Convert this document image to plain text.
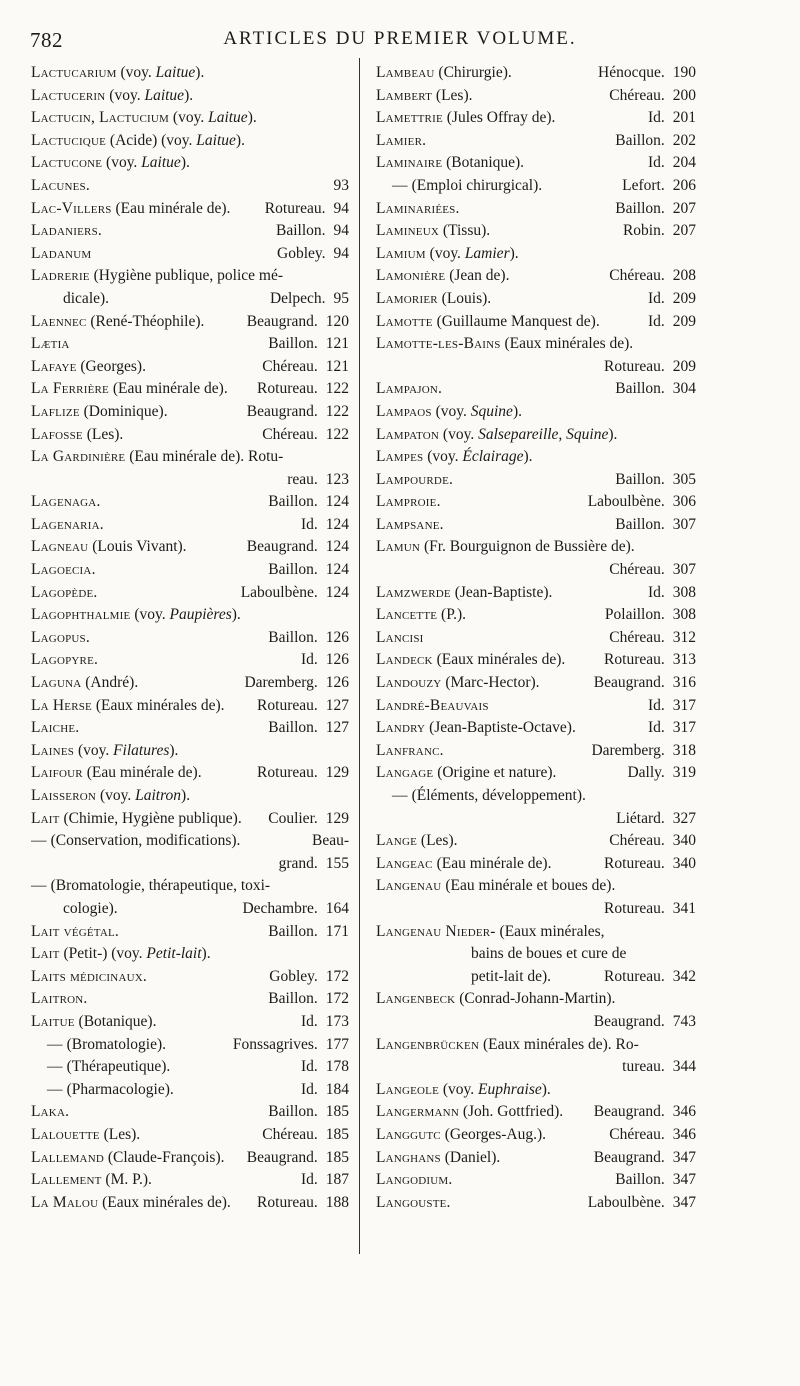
782	ARTICLES DU PREMIER VOLUME.
Lactucarium (voy. Laitue).
Lactucerin (voy. Laitue).
Lactucin, Lactucium (voy. Laitue).
Lactucique (Acide) (voy. Laitue).
Lactucone (voy. Laitue).
Lacunes.	93
Lac-Villers (Eau minérale de). Rotureau. 94
Ladaniers.	Baillon. 94
Ladanum	Gobley. 94
Ladrerie (Hygiène publique, police mé-
dicale).	Delpech. 95
Laennec (René-Théophile).	Beaugrand. 120
Lætia	Baillon. 121
Lafaye (Georges).	Chéreau. 121
La Ferrière (Eau minérale de). Rotureau. 122
Laflize (Dominique).	Beaugrand. 122
Lafosse (Les).	Chéreau. 122
La Gardinière (Eau minérale de). Rotu-
reau. 123
Lagenaga.	Baillon. 124
Lagenaria.	Id. 124
Lagneau (Louis Vivant).	Beaugrand. 124
Lagoecia.	Baillon. 124
Lagopède.	Laboulbène. 124
Lagophthalmie (voy. Paupières).
Lagopus.	Baillon. 126
Lagopyre.	Id. 126
Laguna (André).	Daremberg. 126
La Herse (Eaux minérales de). Rotureau. 127
Laiche.	Baillon. 127
Laines (voy. Filatures).
Laifour (Eau minérale de).	Rotureau. 129
Laisseron (voy. Laitron).
Lait (Chimie, Hygiène publique). Coulier. 129
— (Conservation, modifications).	Beau-
grand. 155
— (Bromatologie, thérapeutique, toxi-
cologie).	Dechambre. 164
Lait végétal.	Baillon. 171
Lait (Petit-) (voy. Petit-lait).
Laits médicinaux.	Gobley. 172
Laitron.	Baillon. 172
Laitue (Botanique).	Id. 173
— (Bromatologie).	Fonssagrives. 177
— (Thérapeutique).	Id. 178
— (Pharmacologie).	Id. 184
Laka.	Baillon. 185
Lalouette (Les).	Chéreau. 185
Lallemand (Claude-François). Beaugrand. 185
Lallement (M. P.).	Id. 187
La Malou (Eaux minérales de). Rotureau. 188
Lambeau (Chirurgie).	Hénocque. 190
Lambert (Les).	Chéreau. 200
Lamettrie (Jules Offray de).	Id. 201
Lamier.	Baillon. 202
Laminaire (Botanique).	Id. 204
— (Emploi chirurgical).	Lefort. 206
Laminariées.	Baillon. 207
Lamineux (Tissu).	Robin. 207
Lamium (voy. Lamier).
Lamonière (Jean de).	Chéreau. 208
Lamorier (Louis).	Id. 209
Lamotte (Guillaume Manquest de).	Id. 209
Lamotte-les-Bains (Eaux minérales de).
Rotureau. 209
Lampajon.	Baillon. 304
Lampaos (voy. Squine).
Lampaton (voy. Salsepareille, Squine).
Lampes (voy. Éclairage).
Lampourde.	Baillon. 305
Lamproie.	Laboulbène. 306
Lampsane.	Baillon. 307
Lamun (Fr. Bourguignon de Bussière de).
Chéreau. 307
Lamzwerde (Jean-Baptiste).	Id. 308
Lancette (P.).	Polaillon. 308
Lancisi	Chéreau. 312
Landeck (Eaux minérales de).	Rotureau. 313
Landouzy (Marc-Hector).	Beaugrand. 316
Landré-Beauvais	Id. 317
Landry (Jean-Baptiste-Octave).	Id. 317
Lanfranc.	Daremberg. 318
Langage (Origine et nature).	Dally. 319
— (Éléments, développement).
Liétard. 327
Lange (Les).	Chéreau. 340
Langeac (Eau minérale de).	Rotureau. 340
Langenau (Eau minérale et boues de).
Rotureau. 341
Langenau Nieder- (Eaux minérales,
bains de boues et cure de
petit-lait de).	Rotureau. 342
Langenbeck (Conrad-Johann-Martin).
Beaugrand. 743
Langenbrücken (Eaux minérales de). Ro-
tureau. 344
Langeole (voy. Euphraise).
Langermann (Joh. Gottfried). Beaugrand. 346
Langgutc (Georges-Aug.).	Chéreau. 346
Langhans (Daniel).	Beaugrand. 347
Langodium.	Baillon. 347
Langouste.	Laboulbène. 347
